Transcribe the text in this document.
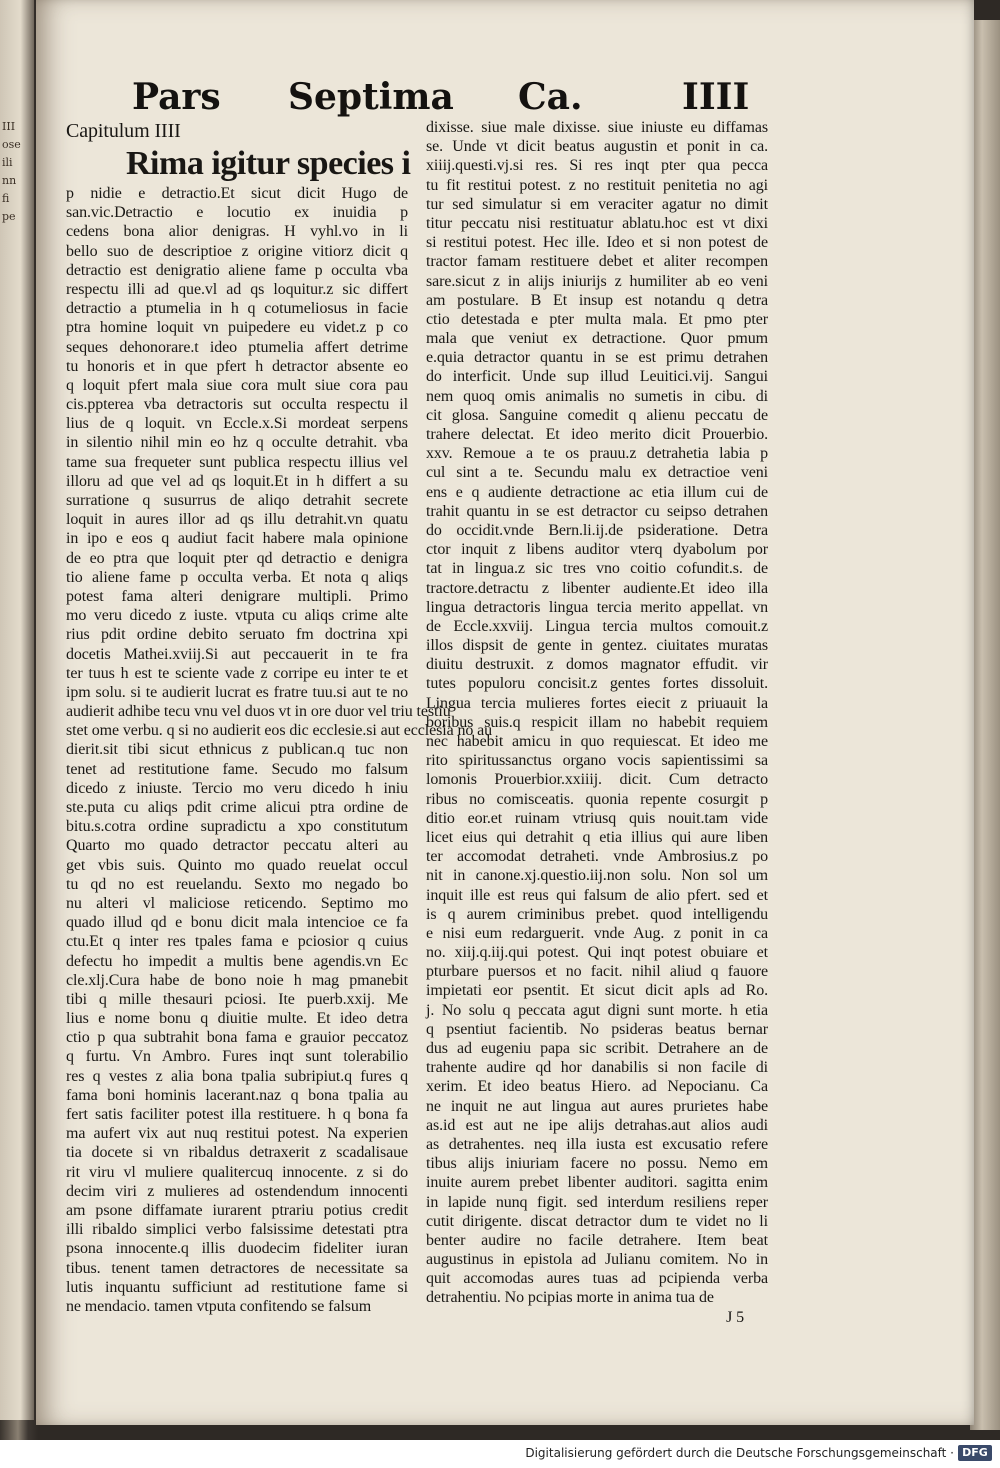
III
ose
ili
nn
fi
pe
Pars Septima Ca.	IIII
Capitulum IIII
Rima igitur species i
p nidie e detractio.Et sicut dicit Hugo de
san.vic.Detractio e locutio ex inuidia p
cedens bona alior denigras. H vyhl.vo in li
bello suo de descriptioe z origine vitiorz dicit q
detractio est denigratio aliene fame p occulta vba
respectu illi ad que.vl ad qs loquitur.z sic differt
detractio a ptumelia in h q cotumeliosus in facie
ptra homine loquit vn puipedere eu videt.z p co
seques dehonorare.t ideo ptumelia affert detrime
tu honoris et in que pfert h detractor absente eo
q loquit pfert mala siue cora mult siue cora pau
cis.ppterea vba detractoris sut occulta respectu il
lius de q loquit. vn Eccle.x.Si mordeat serpens
in silentio nihil min eo hz q occulte detrahit. vba
tame sua frequeter sunt publica respectu illius vel
illoru ad que vel ad qs loquit.Et in h differt a su
surratione q susurrus de aliqo detrahit secrete
loquit in aures illor ad qs illu detrahit.vn quatu
in ipo e eos q audiut facit habere mala opinione
de eo ptra que loquit pter qd detractio e denigra
tio aliene fame p occulta verba. Et nota q aliqs
potest fama alteri denigrare multipli. Primo
mo veru dicedo z iuste. vtputa cu aliqs crime alte
rius pdit ordine debito seruato fm doctrina xpi
docetis Mathei.xviij.Si aut peccauerit in te fra
ter tuus h est te sciente vade z corripe eu inter te et
ipm solu. si te audierit lucrat es fratre tuu.si aut te no
audierit adhibe tecu vnu vel duos vt in ore duor vel triu testiu
stet ome verbu. q si no audierit eos dic ecclesie.si aut ecclesia no au
dierit.sit tibi sicut ethnicus z publican.q tuc non
tenet ad restitutione fame. Secudo mo falsum
dicedo z iniuste. Tercio mo veru dicedo h iniu
ste.puta cu aliqs pdit crime alicui ptra ordine de
bitu.s.cotra ordine supradictu a xpo constitutum
Quarto mo quado detractor peccatu alteri au
get vbis suis. Quinto mo quado reuelat occul
tu qd no est reuelandu. Sexto mo negado bo
nu alteri vl maliciose reticendo. Septimo mo
quado illud qd e bonu dicit mala intencioe ce fa
ctu.Et q inter res tpales fama e pciosior q cuius
defectu ho impedit a multis bene agendis.vn Ec
cle.xlj.Cura habe de bono noie h mag pmanebit
tibi q mille thesauri pciosi. Ite puerb.xxij. Me
lius e nome bonu q diuitie multe. Et ideo detra
ctio p qua subtrahit bona fama e grauior peccatoz
q furtu. Vn Ambro. Fures inqt sunt tolerabilio
res q vestes z alia bona tpalia subripiut.q fures q
fama boni hominis lacerant.naz q bona tpalia au
fert satis faciliter potest illa restituere. h q bona fa
ma aufert vix aut nuq restitui potest. Na experien
tia docete si vn ribaldus detraxerit z scadalisaue
rit viru vl muliere qualitercuq innocente. z si do
decim viri z mulieres ad ostendendum innocenti
am psone diffamate iurarent ptrariu potius credit
illi ribaldo simplici verbo falsissime detestati ptra
psona innocente.q illis duodecim fideliter iuran
tibus. tenent tamen detractores de necessitate sa
lutis inquantu sufficiunt ad restitutione fame si
ne mendacio. tamen vtputa confitendo se falsum
dixisse. siue male dixisse. siue iniuste eu diffamas
se. Unde vt dicit beatus augustin et ponit in ca.
xiiij.questi.vj.si res. Si res inqt pter qua pecca
tu fit restitui potest. z no restituit penitetia no agi
tur sed simulatur si em veraciter agatur no dimit
titur peccatu nisi restituatur ablatu.hoc est vt dixi
si restitui potest. Hec ille. Ideo et si non potest de
tractor famam restituere debet et aliter recompen
sare.sicut z in alijs iniurijs z humiliter ab eo veni
am postulare. B Et insup est notandu q detra
ctio detestada e pter multa mala. Et pmo pter
mala que veniut ex detractione. Quor pmum
e.quia detractor quantu in se est primu detrahen
do interficit. Unde sup illud Leuitici.vij. Sangui
nem quoq omis animalis no sumetis in cibu. di
cit glosa. Sanguine comedit q alienu peccatu de
trahere delectat. Et ideo merito dicit Prouerbio.
xxv. Remoue a te os prauu.z detrahetia labia p
cul sint a te. Secundu malu ex detractioe veni
ens e q audiente detractione ac etia illum cui de
trahit quantu in se est detractor cu seipso detrahen
do occidit.vnde Bern.li.ij.de psideratione. Detra
ctor inquit z libens auditor vterq dyabolum por
tat in lingua.z sic tres vno coitio cofundit.s. de
tractore.detractu z libenter audiente.Et ideo illa
lingua detractoris lingua tercia merito appellat. vn
de Eccle.xxviij. Lingua tercia multos comouit.z
illos dispsit de gente in gentez. ciuitates muratas
diuitu destruxit. z domos magnator effudit. vir
tutes populoru concisit.z gentes fortes dissoluit.
Lingua tercia mulieres fortes eiecit z priuauit la
boribus suis.q respicit illam no habebit requiem
nec habebit amicu in quo requiescat. Et ideo me
rito spiritussanctus organo vocis sapientissimi sa
lomonis Prouerbior.xxiiij. dicit. Cum detracto
ribus no comisceatis. quonia repente cosurgit p
ditio eor.et ruinam vtriusq quis nouit.tam vide
licet eius qui detrahit q etia illius qui aure liben
ter accomodat detraheti. vnde Ambrosius.z po
nit in canone.xj.questio.iij.non solu. Non sol um
inquit ille est reus qui falsum de alio pfert. sed et
is q aurem criminibus prebet. quod intelligendu
e nisi eum redarguerit. vnde Aug. z ponit in ca
no. xiij.q.iij.qui potest. Qui inqt potest obuiare et
pturbare puersos et no facit. nihil aliud q fauore
impietati eor psentit. Et sicut dicit apls ad Ro.
j. No solu q peccata agut digni sunt morte. h etia
q psentiut facientib. No psideras beatus bernar
dus ad eugeniu papa sic scribit. Detrahere an de
trahente audire qd hor danabilis si non facile di
xerim. Et ideo beatus Hiero. ad Nepocianu. Ca
ne inquit ne aut lingua aut aures prurietes habe
as.id est aut ne ipe alijs detrahas.aut alios audi
as detrahentes. neq illa iusta est excusatio refere
tibus alijs iniuriam facere no possu. Nemo em
inuite aurem prebet libenter auditori. sagitta enim
in lapide nunq figit. sed interdum resiliens reper
cutit dirigente. discat detractor dum te videt no li
benter audire no facile detrahere. Item beat
augustinus in epistola ad Julianu comitem. No in
quit accomodas aures tuas ad pcipienda verba
detrahentiu. No pcipias morte in anima tua de
J 5
Digitalisierung gefördert durch die Deutsche Forschungsgemeinschaft · DFG
